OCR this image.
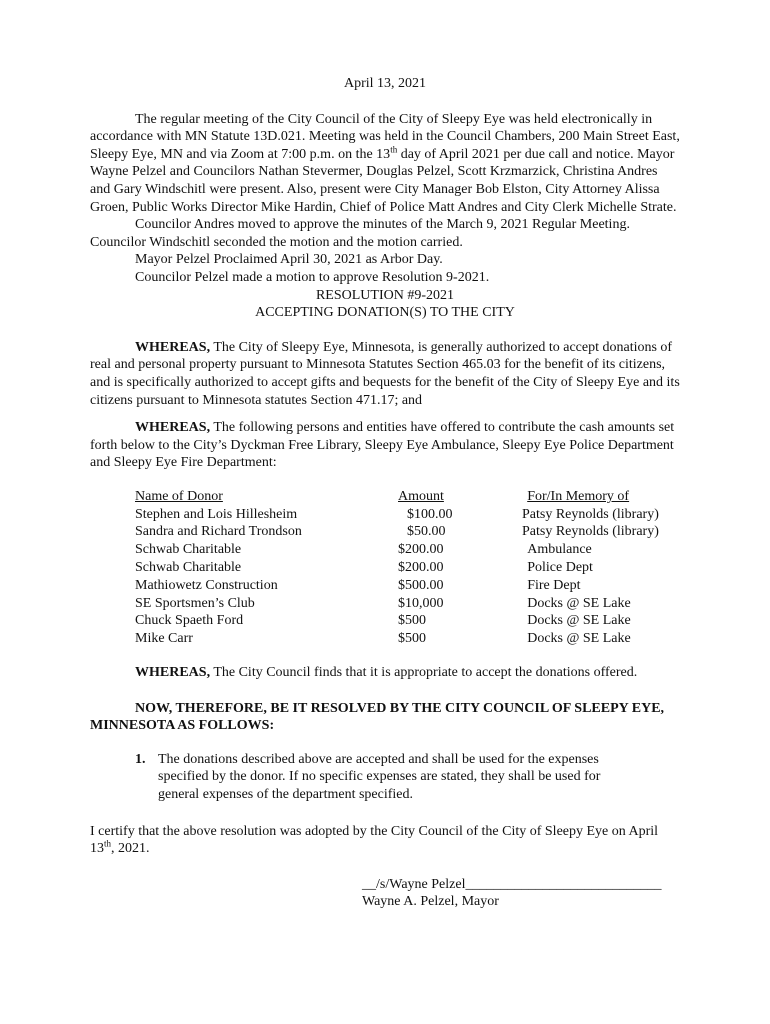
April 13, 2021

The regular meeting of the City Council of the City of Sleepy Eye was held electronically in accordance with MN Statute 13D.021. Meeting was held in the Council Chambers, 200 Main Street East, Sleepy Eye, MN and via Zoom at 7:00 p.m. on the 13th day of April 2021 per due call and notice. Mayor Wayne Pelzel and Councilors Nathan Stevermer, Douglas Pelzel, Scott Krzmarzick, Christina Andres and Gary Windschitl were present. Also, present were City Manager Bob Elston, City Attorney Alissa Groen, Public Works Director Mike Hardin, Chief of Police Matt Andres and City Clerk Michelle Strate.

Councilor Andres moved to approve the minutes of the March 9, 2021 Regular Meeting. Councilor Windschitl seconded the motion and the motion carried.

Mayor Pelzel Proclaimed April 30, 2021 as Arbor Day.

Councilor Pelzel made a motion to approve Resolution 9-2021.

RESOLUTION #9-2021

ACCEPTING DONATION(S) TO THE CITY

WHEREAS, The City of Sleepy Eye, Minnesota, is generally authorized to accept donations of real and personal property pursuant to Minnesota Statutes Section 465.03 for the benefit of its citizens, and is specifically authorized to accept gifts and bequests for the benefit of the City of Sleepy Eye and its citizens pursuant to Minnesota statutes Section 471.17; and

WHEREAS, The following persons and entities have offered to contribute the cash amounts set forth below to the City’s Dyckman Free Library, Sleepy Eye Ambulance, Sleepy Eye Police Department and Sleepy Eye Fire Department:

Name of Donor	Amount	For/In Memory of
Stephen and Lois Hillesheim	$100.00	Patsy Reynolds (library)
Sandra and Richard Trondson	$50.00	Patsy Reynolds (library)
Schwab Charitable	$200.00	Ambulance
Schwab Charitable	$200.00	Police Dept
Mathiowetz Construction	$500.00	Fire Dept
SE Sportsmen’s Club	$10,000	Docks @ SE Lake
Chuck Spaeth Ford	$500	Docks @ SE Lake
Mike Carr	$500	Docks @ SE Lake

WHEREAS, The City Council finds that it is appropriate to accept the donations offered.

NOW, THEREFORE, BE IT RESOLVED BY THE CITY COUNCIL OF SLEEPY EYE, MINNESOTA AS FOLLOWS:

1. The donations described above are accepted and shall be used for the expenses specified by the donor. If no specific expenses are stated, they shall be used for general expenses of the department specified.

I certify that the above resolution was adopted by the City Council of the City of Sleepy Eye on April 13th, 2021.

__/s/Wayne Pelzel____________________________

Wayne A. Pelzel, Mayor
